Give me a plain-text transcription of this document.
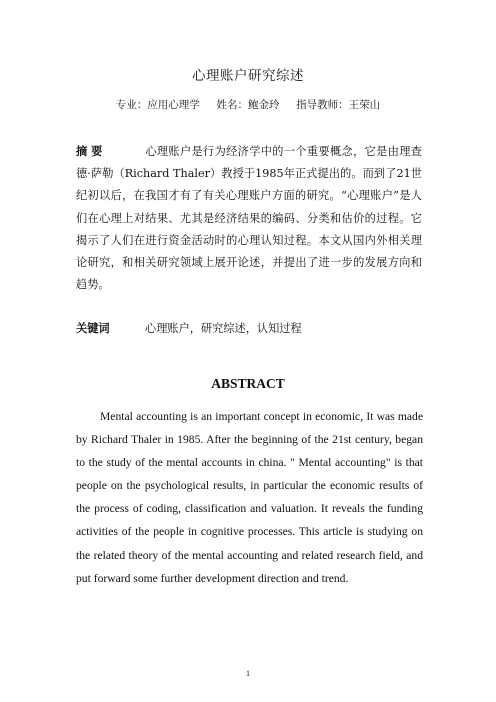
心理账户研究综述
专业：应用心理学     姓名：鲍金玲     指导教师：王荣山
摘 要	心理账户是行为经济学中的一个重要概念，它是由理查德·萨勒（Richard Thaler）教授于1985年正式提出的。而到了21世纪初以后，在我国才有了有关心理账户方面的研究。“心理账户”是人们在心理上对结果、尤其是经济结果的编码、分类和估价的过程。它揭示了人们在进行资金活动时的心理认知过程。本文从国内外相关理论研究，和相关研究领域上展开论述，并提出了进一步的发展方向和趋势。
关键词	心理账户，研究综述，认知过程
ABSTRACT
Mental accounting is an important concept in economic, It was made by Richard Thaler in 1985. After the beginning of the 21st century, began to the study of the mental accounts in china. " Mental accounting" is that people on the psychological results, in particular the economic results of the process of coding, classification and valuation. It reveals the funding activities of the people in cognitive processes. This article is studying on the related theory of the mental accounting and related research field, and put forward some further development direction and trend.
1
